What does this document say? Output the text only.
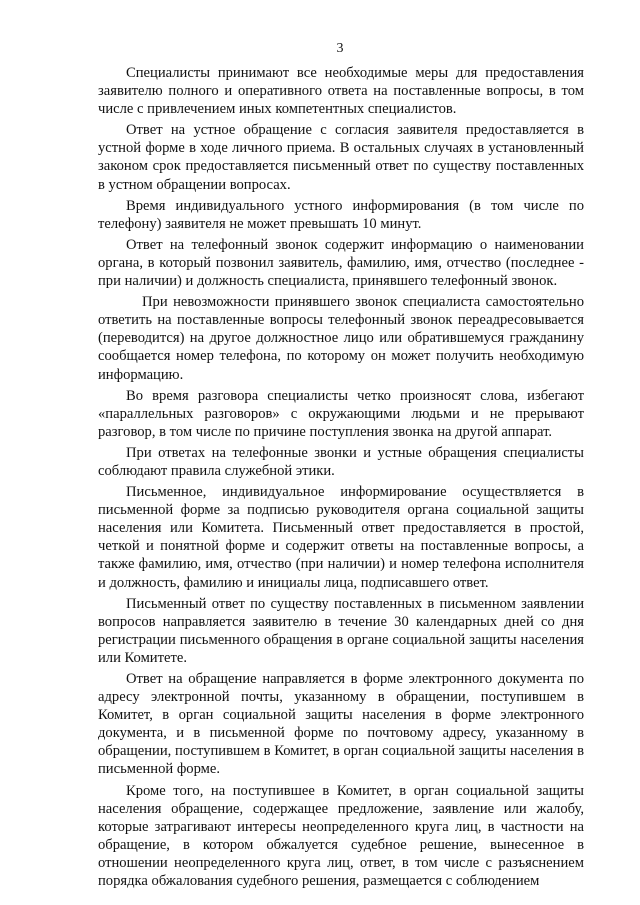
3

Специалисты принимают все необходимые меры для предоставления заявителю полного и оперативного ответа на поставленные вопросы, в том числе с привлечением иных компетентных специалистов.

Ответ на устное обращение с согласия заявителя предоставляется в устной форме в ходе личного приема. В остальных случаях в установленный законом срок предоставляется письменный ответ по существу поставленных в устном обращении вопросах.

Время индивидуального устного информирования (в том числе по телефону) заявителя не может превышать 10 минут.

Ответ на телефонный звонок содержит информацию о наименовании органа, в который позвонил заявитель, фамилию, имя, отчество (последнее - при наличии) и должность специалиста, принявшего телефонный звонок.

При невозможности принявшего звонок специалиста самостоятельно ответить на поставленные вопросы телефонный звонок переадресовывается (переводится) на другое должностное лицо или обратившемуся гражданину сообщается номер телефона, по которому он может получить необходимую информацию.

Во время разговора специалисты четко произносят слова, избегают «параллельных разговоров» с окружающими людьми и не прерывают разговор, в том числе по причине поступления звонка на другой аппарат.

При ответах на телефонные звонки и устные обращения специалисты соблюдают правила служебной этики.

Письменное, индивидуальное информирование осуществляется в письменной форме за подписью руководителя органа социальной защиты населения или Комитета. Письменный ответ предоставляется в простой, четкой и понятной форме и содержит ответы на поставленные вопросы, а также фамилию, имя, отчество (при наличии) и номер телефона исполнителя и должность, фамилию и инициалы лица, подписавшего ответ.

Письменный ответ по существу поставленных в письменном заявлении вопросов направляется заявителю в течение 30 календарных дней со дня регистрации письменного обращения в органе социальной защиты населения или Комитете.

Ответ на обращение направляется в форме электронного документа по адресу электронной почты, указанному в обращении, поступившем в Комитет, в орган социальной защиты населения в форме электронного документа, и в письменной форме по почтовому адресу, указанному в обращении, поступившем в Комитет, в орган социальной защиты населения в письменной форме.

Кроме того, на поступившее в Комитет, в орган социальной защиты населения обращение, содержащее предложение, заявление или жалобу, которые затрагивают интересы неопределенного круга лиц, в частности на обращение, в котором обжалуется судебное решение, вынесенное в отношении неопределенного круга лиц, ответ, в том числе с разъяснением порядка обжалования судебного решения, размещается с соблюдением
